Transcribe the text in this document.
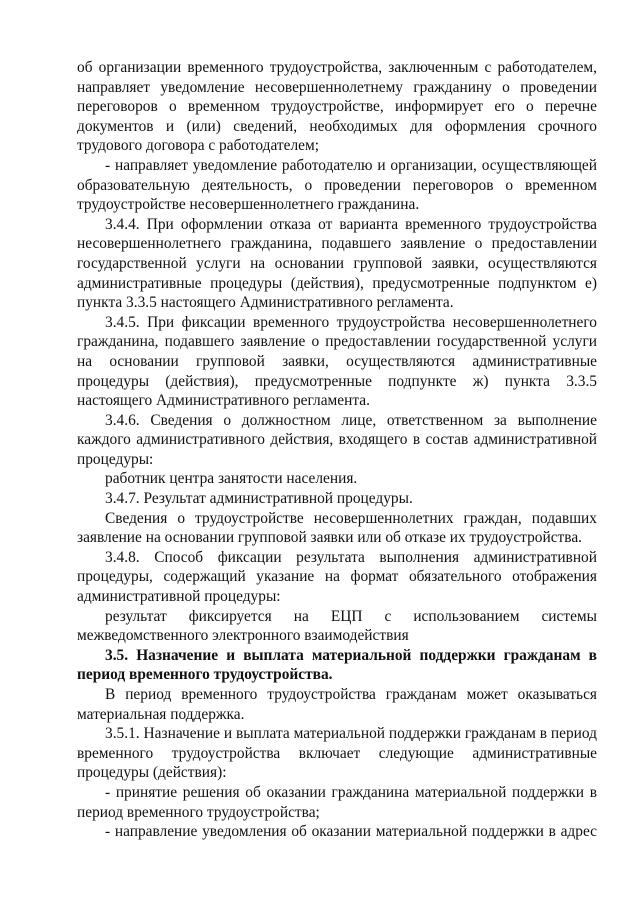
об организации временного трудоустройства, заключенным с работодателем, направляет уведомление несовершеннолетнему гражданину о проведении переговоров о временном трудоустройстве, информирует его о перечне документов и (или) сведений, необходимых для оформления срочного трудового договора с работодателем;

- направляет уведомление работодателю и организации, осуществляющей образовательную деятельность, о проведении переговоров о временном трудоустройстве несовершеннолетнего гражданина.

3.4.4. При оформлении отказа от варианта временного трудоустройства несовершеннолетнего гражданина, подавшего заявление о предоставлении государственной услуги на основании групповой заявки, осуществляются административные процедуры (действия), предусмотренные подпунктом е) пункта 3.3.5 настоящего Административного регламента.

3.4.5. При фиксации временного трудоустройства несовершеннолетнего гражданина, подавшего заявление о предоставлении государственной услуги на основании групповой заявки, осуществляются административные процедуры (действия), предусмотренные подпункте ж) пункта 3.3.5 настоящего Административного регламента.

3.4.6. Сведения о должностном лице, ответственном за выполнение каждого административного действия, входящего в состав административной процедуры:

работник центра занятости населения.

3.4.7. Результат административной процедуры.

Сведения о трудоустройстве несовершеннолетних граждан, подавших заявление на основании групповой заявки или об отказе их трудоустройства.

3.4.8. Способ фиксации результата выполнения административной процедуры, содержащий указание на формат обязательного отображения административной процедуры:

результат фиксируется на ЕЦП с использованием системы межведомственного электронного взаимодействия

3.5. Назначение и выплата материальной поддержки гражданам в период временного трудоустройства.

В период временного трудоустройства гражданам может оказываться материальная поддержка.

3.5.1. Назначение и выплата материальной поддержки гражданам в период временного трудоустройства включает следующие административные процедуры (действия):

- принятие решения об оказании гражданина материальной поддержки в период временного трудоустройства;

- направление уведомления об оказании материальной поддержки в адрес
